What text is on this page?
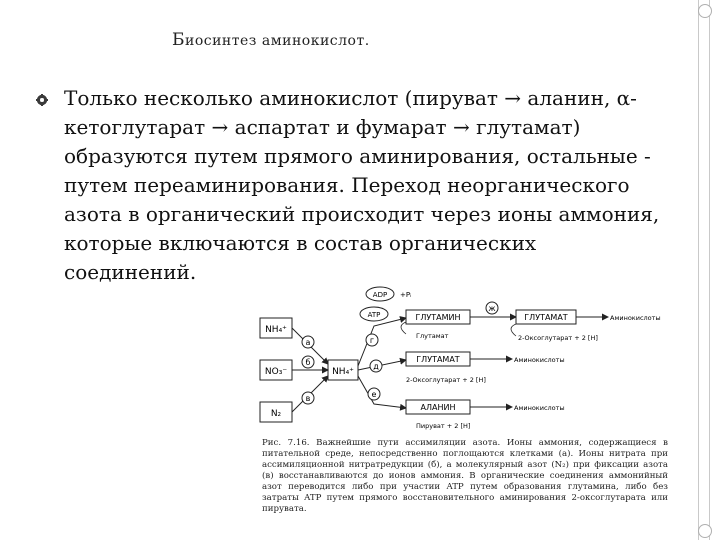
Биосинтез аминокислот.
Только несколько аминокислот (пируват → аланин, α-кетоглутарат → аспартат и фумарат → глутамат) образуются путем прямого аминирования, остальные - путем переаминирования. Переход неорганического азота в органический происходит через ионы аммония, которые включаются в состав органических соединений.
NH₄⁺
NO₃⁻
N₂
NH₄⁺
а
б
в
г
д
е
ADP +Pᵢ
ATP	ГЛУТАМИН
ГЛУТАМАТ
АЛАНИН
Глутамат
2-Оксоглутарат + 2 [H]
Пируват + 2 [H]
ж
ГЛУТАМАТ
2-Оксоглутарат + 2 [H]
Аминокислоты
Аминокислоты
Аминокислоты
Рис. 7.16. Важнейшие пути ассимиляции азота. Ионы аммония, содержащиеся в питательной среде, непосредственно поглощаются клетками (а). Ионы нитрата при ассимиляционной нитратредукции (б), а молекулярный азот (N₂) при фиксации азота (в) восстанавливаются до ионов аммония. В органические соединения аммонийный азот переводится либо при участии ATP путем образования глутамина, либо без затраты ATP путем прямого восстановительного аминирования 2-оксоглутарата или пирувата.
